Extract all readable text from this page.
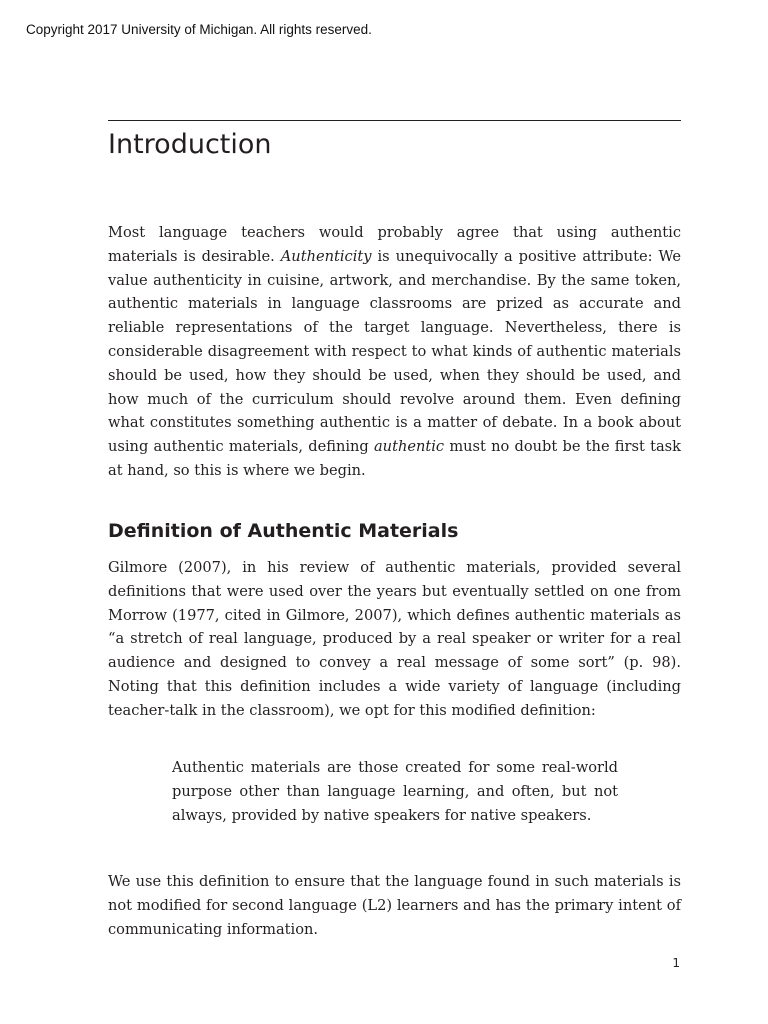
Copyright 2017 University of Michigan. All rights reserved.

Introduction

Most language teachers would probably agree that using authentic materials is desirable. Authenticity is unequivocally a positive attribute: We value authenticity in cuisine, artwork, and merchandise. By the same token, authentic materials in language classrooms are prized as accurate and reliable representations of the target language. Nevertheless, there is considerable disagreement with respect to what kinds of authentic materials should be used, how they should be used, when they should be used, and how much of the curriculum should revolve around them. Even defining what constitutes something authentic is a matter of debate. In a book about using authentic materials, defining authentic must no doubt be the first task at hand, so this is where we begin.

Definition of Authentic Materials

Gilmore (2007), in his review of authentic materials, provided several definitions that were used over the years but eventually settled on one from Morrow (1977, cited in Gilmore, 2007), which defines authentic materials as “a stretch of real language, produced by a real speaker or writer for a real audience and designed to convey a real message of some sort” (p. 98). Noting that this definition includes a wide variety of language (including teacher-talk in the classroom), we opt for this modified definition:

Authentic materials are those created for some real-world purpose other than language learning, and often, but not always, provided by native speakers for native speakers.

We use this definition to ensure that the language found in such materials is not modified for second language (L2) learners and has the primary intent of communicating information.

1
